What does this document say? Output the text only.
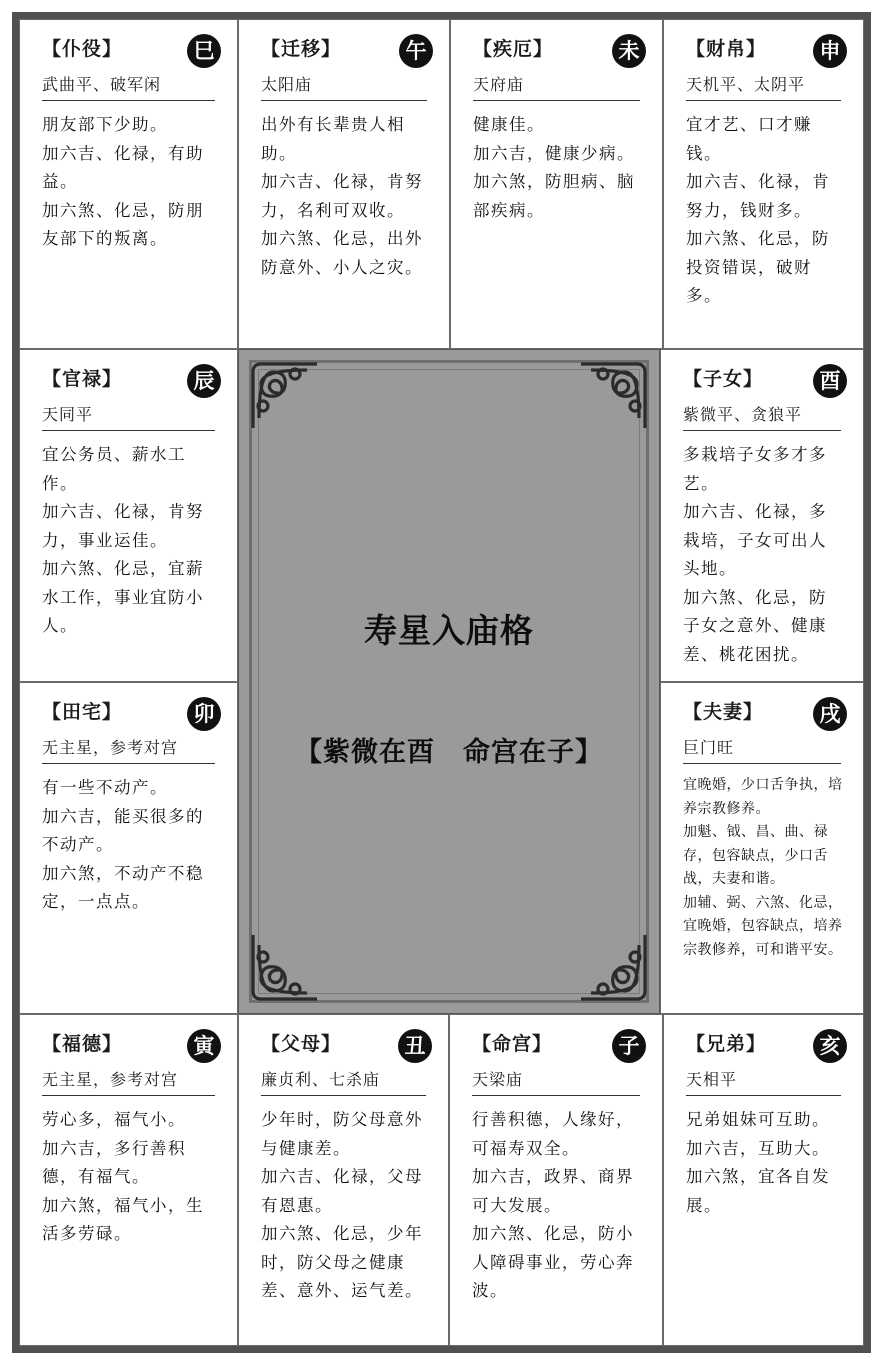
【仆役】	巳
武曲平、破军闲
朋友部下少助。
加六吉、化禄，有助益。
加六煞、化忌，防朋友部下的叛离。
【迁移】	午
太阳庙
出外有长辈贵人相助。
加六吉、化禄，肯努力，名利可双收。
加六煞、化忌，出外防意外、小人之灾。
【疾厄】	未
天府庙
健康佳。
加六吉，健康少病。
加六煞，防胆病、脑部疾病。
【财帛】	申
天机平、太阴平
宜才艺、口才赚钱。
加六吉、化禄，肯努力，钱财多。
加六煞、化忌，防投资错误，破财多。
【官禄】	辰
天同平
宜公务员、薪水工作。
加六吉、化禄，肯努力，事业运佳。
加六煞、化忌，宜薪水工作，事业宜防小人。
【子女】	酉
紫微平、贪狼平
多栽培子女多才多艺。
加六吉、化禄，多栽培，子女可出人头地。
加六煞、化忌，防子女之意外、健康差、桃花困扰。
【田宅】	卯
无主星，参考对宫
有一些不动产。
加六吉，能买很多的不动产。
加六煞，不动产不稳定，一点点。
【夫妻】	戌
巨门旺
宜晚婚，少口舌争执，培养宗教修养。
加魁、钺、昌、曲、禄存，包容缺点，少口舌战，夫妻和谐。
加辅、弼、六煞、化忌，宜晚婚，包容缺点，培养宗教修养，可和谐平安。
【福德】	寅
无主星，参考对宫
劳心多，福气小。
加六吉，多行善积德，有福气。
加六煞，福气小，生活多劳碌。
【父母】	丑
廉贞利、七杀庙
少年时，防父母意外与健康差。
加六吉、化禄，父母有恩惠。
加六煞、化忌，少年时，防父母之健康差、意外、运气差。
【命宫】	子
天梁庙
行善积德，人缘好，可福寿双全。
加六吉，政界、商界可大发展。
加六煞、化忌，防小人障碍事业，劳心奔波。
【兄弟】	亥
天相平
兄弟姐妹可互助。
加六吉，互助大。
加六煞，宜各自发展。
寿星入庙格
【紫微在酉　命宫在子】
